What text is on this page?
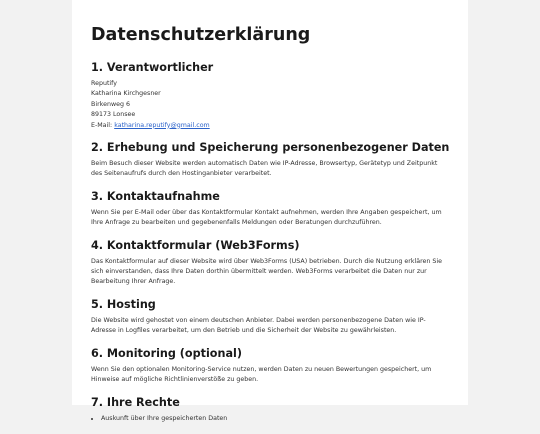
Datenschutzerklärung
1. Verantwortlicher
Reputify
Katharina Kirchgesner
Birkenweg 6
89173 Lonsee
E-Mail: katharina.reputify@gmail.com
2. Erhebung und Speicherung personenbezogener Daten
Beim Besuch dieser Website werden automatisch Daten wie IP-Adresse, Browsertyp, Gerätetyp und Zeitpunkt
des Seitenaufrufs durch den Hostinganbieter verarbeitet.
3. Kontaktaufnahme
Wenn Sie per E-Mail oder über das Kontaktformular Kontakt aufnehmen, werden Ihre Angaben gespeichert, um
Ihre Anfrage zu bearbeiten und gegebenenfalls Meldungen oder Beratungen durchzuführen.
4. Kontaktformular (Web3Forms)
Das Kontaktformular auf dieser Website wird über Web3Forms (USA) betrieben. Durch die Nutzung erklären Sie
sich einverstanden, dass Ihre Daten dorthin übermittelt werden. Web3Forms verarbeitet die Daten nur zur
Bearbeitung Ihrer Anfrage.
5. Hosting
Die Website wird gehostet von einem deutschen Anbieter. Dabei werden personenbezogene Daten wie IP-
Adresse in Logfiles verarbeitet, um den Betrieb und die Sicherheit der Website zu gewährleisten.
6. Monitoring (optional)
Wenn Sie den optionalen Monitoring-Service nutzen, werden Daten zu neuen Bewertungen gespeichert, um
Hinweise auf mögliche Richtlinienverstöße zu geben.
7. Ihre Rechte
• Auskunft über Ihre gespeicherten Daten
